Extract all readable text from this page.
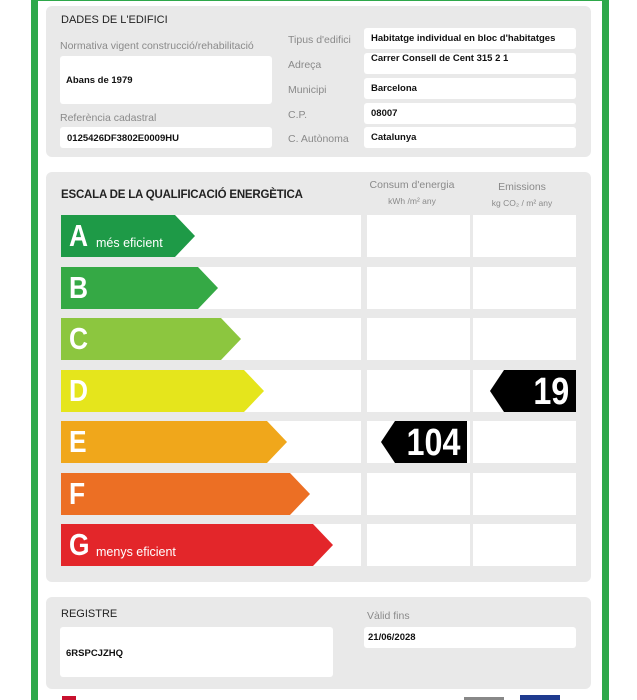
DADES DE L'EDIFICI
Normativa vigent construcció/rehabilitació
Abans de 1979
Referència cadastral
0125426DF3802E0009HU
Tipus d'edifici Habitatge individual en bloc d'habitatges
Adreça
Carrer Consell de Cent 315 2 1
Municipi	Barcelona
C.P.	08007
C. Autònoma Catalunya
ESCALA DE LA QUALIFICACIÓ ENERGÈTICA
Consum d'energia
kWh /m² any
Emissions
kg CO₂ / m² any
A més eficient
B
C
D
E
F
G menys eficient
104
19
REGISTRE
6RSPCJZHQ
Vàlid fins
21/06/2028
